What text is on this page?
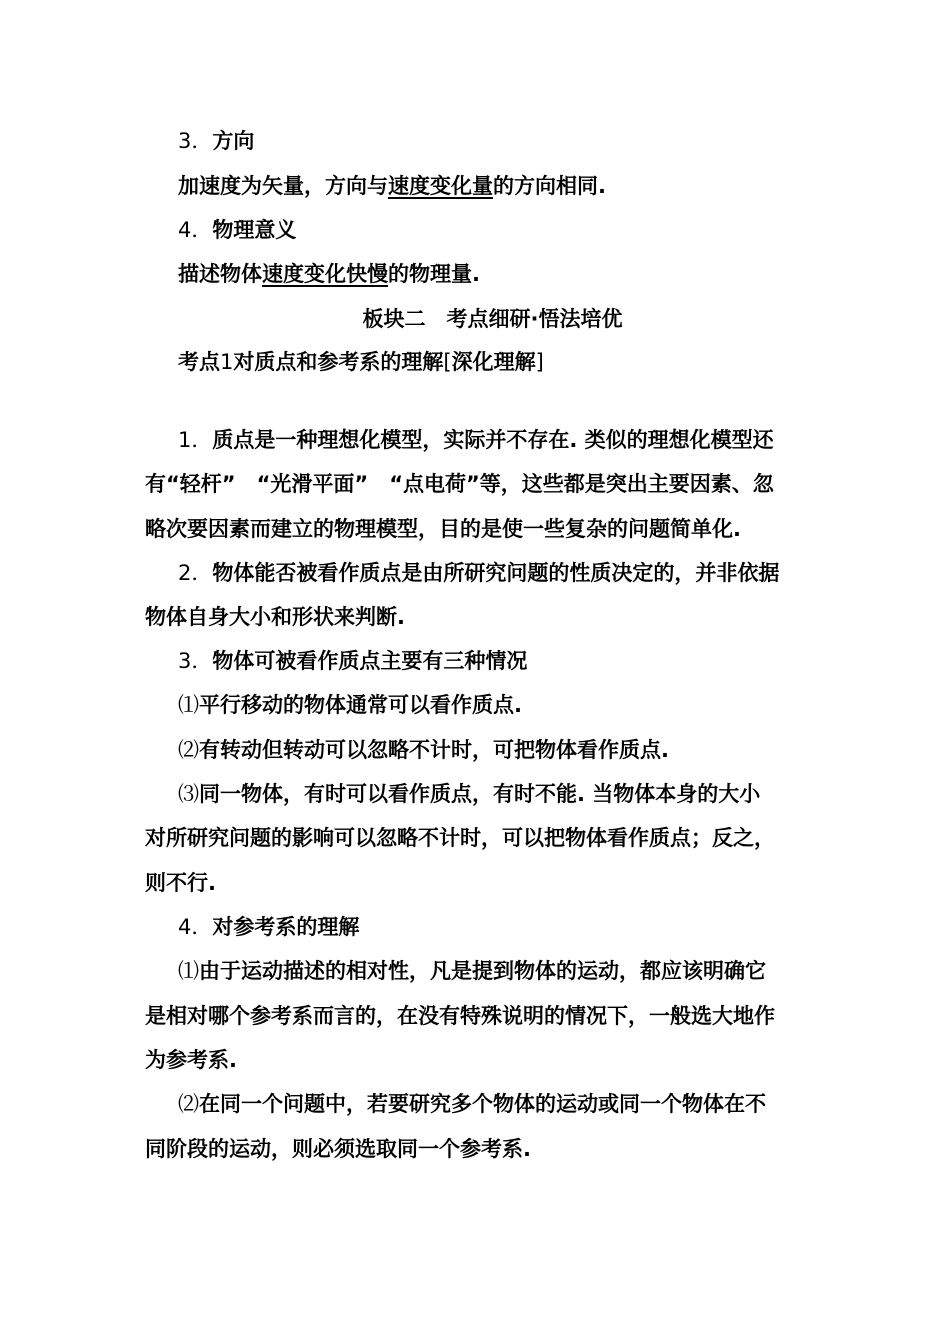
3．方向
加速度为矢量，方向与速度变化量的方向相同.
4．物理意义
描述物体速度变化快慢的物理量.
板块二　考点细研·悟法培优
考点1对质点和参考系的理解[深化理解]
1．质点是一种理想化模型，实际并不存在. 类似的理想化模型还
有“轻杆”　“光滑平面”　“点电荷”等，这些都是突出主要因素、忽
略次要因素而建立的物理模型，目的是使一些复杂的问题简单化.
2．物体能否被看作质点是由所研究问题的性质决定的，并非依据
物体自身大小和形状来判断.
3．物体可被看作质点主要有三种情况
⑴平行移动的物体通常可以看作质点.
⑵有转动但转动可以忽略不计时，可把物体看作质点.
⑶同一物体，有时可以看作质点，有时不能. 当物体本身的大小
对所研究问题的影响可以忽略不计时，可以把物体看作质点；反之，
则不行.
4．对参考系的理解
⑴由于运动描述的相对性，凡是提到物体的运动，都应该明确它
是相对哪个参考系而言的，在没有特殊说明的情况下，一般选大地作
为参考系.
⑵在同一个问题中，若要研究多个物体的运动或同一个物体在不
同阶段的运动，则必须选取同一个参考系.
